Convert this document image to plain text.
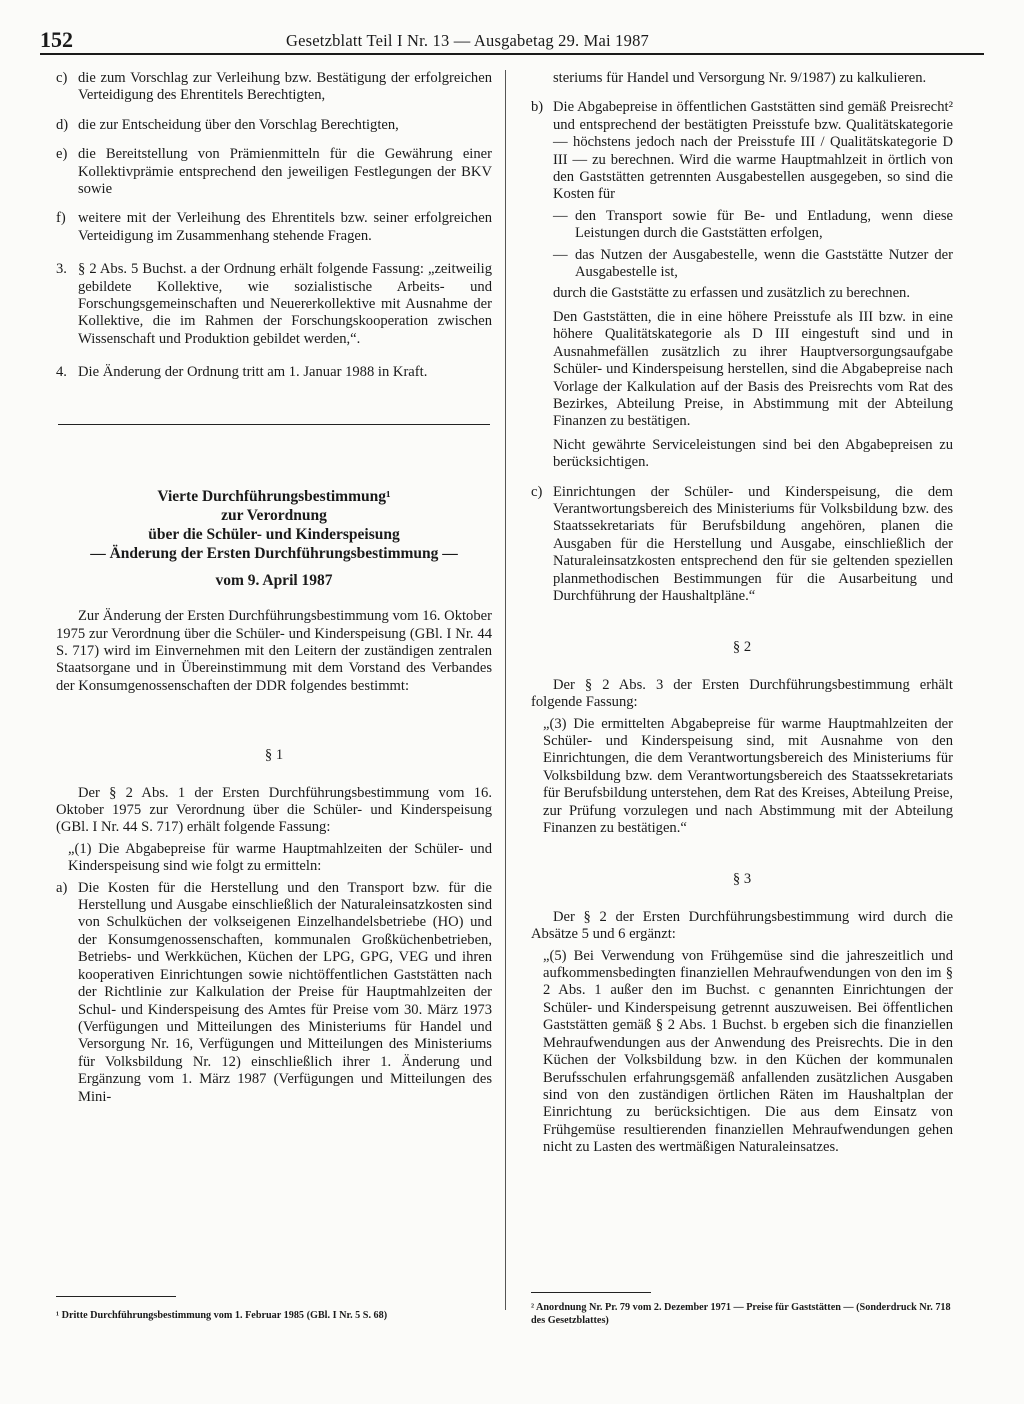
152	Gesetzblatt Teil I Nr. 13 — Ausgabetag 29. Mai 1987
c) die zum Vorschlag zur Verleihung bzw. Bestätigung der erfolgreichen Verteidigung des Ehrentitels Berechtigten,
d) die zur Entscheidung über den Vorschlag Berechtigten,
e) die Bereitstellung von Prämienmitteln für die Gewährung einer Kollektivprämie entsprechend den jeweiligen Festlegungen der BKV sowie
f) weitere mit der Verleihung des Ehrentitels bzw. seiner erfolgreichen Verteidigung im Zusammenhang stehende Fragen.
3. § 2 Abs. 5 Buchst. a der Ordnung erhält folgende Fassung: „zeitweilig gebildete Kollektive, wie sozialistische Arbeits- und Forschungsgemeinschaften und Neuererkollektive mit Ausnahme der Kollektive, die im Rahmen der Forschungskooperation zwischen Wissenschaft und Produktion gebildet werden,“.
4. Die Änderung der Ordnung tritt am 1. Januar 1988 in Kraft.
Vierte Durchführungsbestimmung¹
zur Verordnung
über die Schüler- und Kinderspeisung
— Änderung der Ersten Durchführungsbestimmung —
vom 9. April 1987

Zur Änderung der Ersten Durchführungsbestimmung vom 16. Oktober 1975 zur Verordnung über die Schüler- und Kinderspeisung (GBl. I Nr. 44 S. 717) wird im Einvernehmen mit den Leitern der zuständigen zentralen Staatsorgane und in Übereinstimmung mit dem Vorstand des Verbandes der Konsumgenossenschaften der DDR folgendes bestimmt:

§ 1

Der § 2 Abs. 1 der Ersten Durchführungsbestimmung vom 16. Oktober 1975 zur Verordnung über die Schüler- und Kinderspeisung (GBl. I Nr. 44 S. 717) erhält folgende Fassung:

„(1) Die Abgabepreise für warme Hauptmahlzeiten der Schüler- und Kinderspeisung sind wie folgt zu ermitteln:

a) Die Kosten für die Herstellung und den Transport bzw. für die Herstellung und Ausgabe einschließlich der Naturaleinsatzkosten sind von Schulküchen der volkseigenen Einzelhandelsbetriebe (HO) und der Konsumgenossenschaften, kommunalen Großküchenbetrieben, Betriebs- und Werkküchen, Küchen der LPG, GPG, VEG und ihren kooperativen Einrichtungen sowie nichtöffentlichen Gaststätten nach der Richtlinie zur Kalkulation der Preise für Hauptmahlzeiten der Schul- und Kinderspeisung des Amtes für Preise vom 30. März 1973 (Verfügungen und Mitteilungen des Ministeriums für Handel und Versorgung Nr. 16, Verfügungen und Mitteilungen des Ministeriums für Volksbildung Nr. 12) einschließlich ihrer 1. Änderung und Ergänzung vom 1. März 1987 (Verfügungen und Mitteilungen des Mini-

steriums für Handel und Versorgung Nr. 9/1987) zu kalkulieren.

b) Die Abgabepreise in öffentlichen Gaststätten sind gemäß Preisrecht² und entsprechend der bestätigten Preisstufe bzw. Qualitätskategorie — höchstens jedoch nach der Preisstufe III / Qualitätskategorie D III — zu berechnen. Wird die warme Hauptmahlzeit in örtlich von den Gaststätten getrennten Ausgabestellen ausgegeben, so sind die Kosten für
— den Transport sowie für Be- und Entladung, wenn diese Leistungen durch die Gaststätten erfolgen,
— das Nutzen der Ausgabestelle, wenn die Gaststätte Nutzer der Ausgabestelle ist,

durch die Gaststätte zu erfassen und zusätzlich zu berechnen.

Den Gaststätten, die in eine höhere Preisstufe als III bzw. in eine höhere Qualitätskategorie als D III eingestuft sind und in Ausnahmefällen zusätzlich zu ihrer Hauptversorgungsaufgabe Schüler- und Kinderspeisung herstellen, sind die Abgabepreise nach Vorlage der Kalkulation auf der Basis des Preisrechts vom Rat des Bezirkes, Abteilung Preise, in Abstimmung mit der Abteilung Finanzen zu bestätigen.

Nicht gewährte Serviceleistungen sind bei den Abgabepreisen zu berücksichtigen.

c) Einrichtungen der Schüler- und Kinderspeisung, die dem Verantwortungsbereich des Ministeriums für Volksbildung bzw. des Staatssekretariats für Berufsbildung angehören, planen die Ausgaben für die Herstellung und Ausgabe, einschließlich der Naturaleinsatzkosten entsprechend den für sie geltenden speziellen planmethodischen Bestimmungen für die Ausarbeitung und Durchführung der Haushaltpläne.“

§ 2

Der § 2 Abs. 3 der Ersten Durchführungsbestimmung erhält folgende Fassung:

„(3) Die ermittelten Abgabepreise für warme Hauptmahlzeiten der Schüler- und Kinderspeisung sind, mit Ausnahme von den Einrichtungen, die dem Verantwortungsbereich des Ministeriums für Volksbildung bzw. dem Verantwortungsbereich des Staatssekretariats für Berufsbildung unterstehen, dem Rat des Kreises, Abteilung Preise, zur Prüfung vorzulegen und nach Abstimmung mit der Abteilung Finanzen zu bestätigen.“

§ 3

Der § 2 der Ersten Durchführungsbestimmung wird durch die Absätze 5 und 6 ergänzt:

„(5) Bei Verwendung von Frühgemüse sind die jahreszeitlich und aufkommensbedingten finanziellen Mehraufwendungen von den im § 2 Abs. 1 außer den im Buchst. c genannten Einrichtungen der Schüler- und Kinderspeisung getrennt auszuweisen. Bei öffentlichen Gaststätten gemäß § 2 Abs. 1 Buchst. b ergeben sich die finanziellen Mehraufwendungen aus der Anwendung des Preisrechts. Die in den Küchen der Volksbildung bzw. in den Küchen der kommunalen Berufsschulen erfahrungsgemäß anfallenden zusätzlichen Ausgaben sind von den zuständigen örtlichen Räten im Haushaltplan der Einrichtung zu berücksichtigen. Die aus dem Einsatz von Frühgemüse resultierenden finanziellen Mehraufwendungen gehen nicht zu Lasten des wertmäßigen Naturaleinsatzes.

¹ Dritte Durchführungsbestimmung vom 1. Februar 1985 (GBl. I Nr. 5 S. 68)
² Anordnung Nr. Pr. 79 vom 2. Dezember 1971 — Preise für Gaststätten — (Sonderdruck Nr. 718 des Gesetzblattes)
